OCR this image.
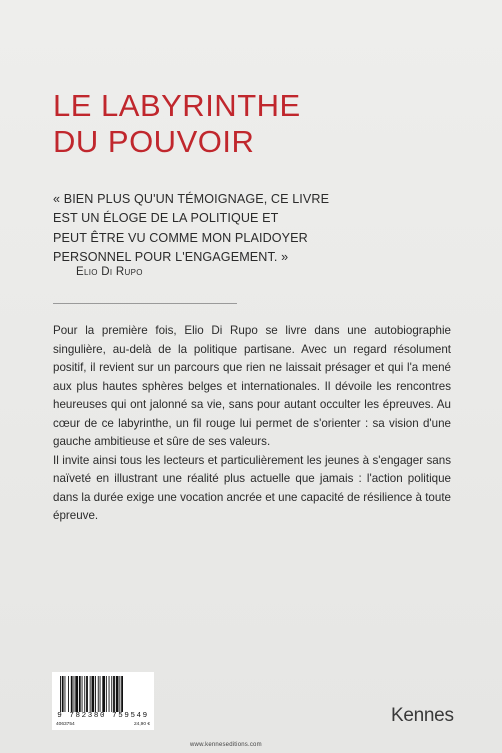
LE LABYRINTHE
DU POUVOIR
« BIEN PLUS QU'UN TÉMOIGNAGE, CE LIVRE
EST UN ÉLOGE DE LA POLITIQUE ET
PEUT ÊTRE VU COMME MON PLAIDOYER
PERSONNEL POUR L'ENGAGEMENT. »
Elio Di Rupo

Pour la première fois, Elio Di Rupo se livre dans une autobiographie singulière, au-delà de la politique partisane. Avec un regard résolument positif, il revient sur un parcours que rien ne laissait présager et qui l'a mené aux plus hautes sphères belges et internationales. Il dévoile les rencontres heureuses qui ont jalonné sa vie, sans pour autant occulter les épreuves. Au cœur de ce labyrinthe, un fil rouge lui permet de s'orienter : sa vision d'une gauche ambitieuse et sûre de ses valeurs.

Il invite ainsi tous les lecteurs et particulièrement les jeunes à s'engager sans naïveté en illustrant une réalité plus actuelle que jamais : l'action politique dans la durée exige une vocation ancrée et une capacité de résilience à toute épreuve.

9 782380 759549
4063754	24,90 €	Kennes
www.kenneseditions.com
